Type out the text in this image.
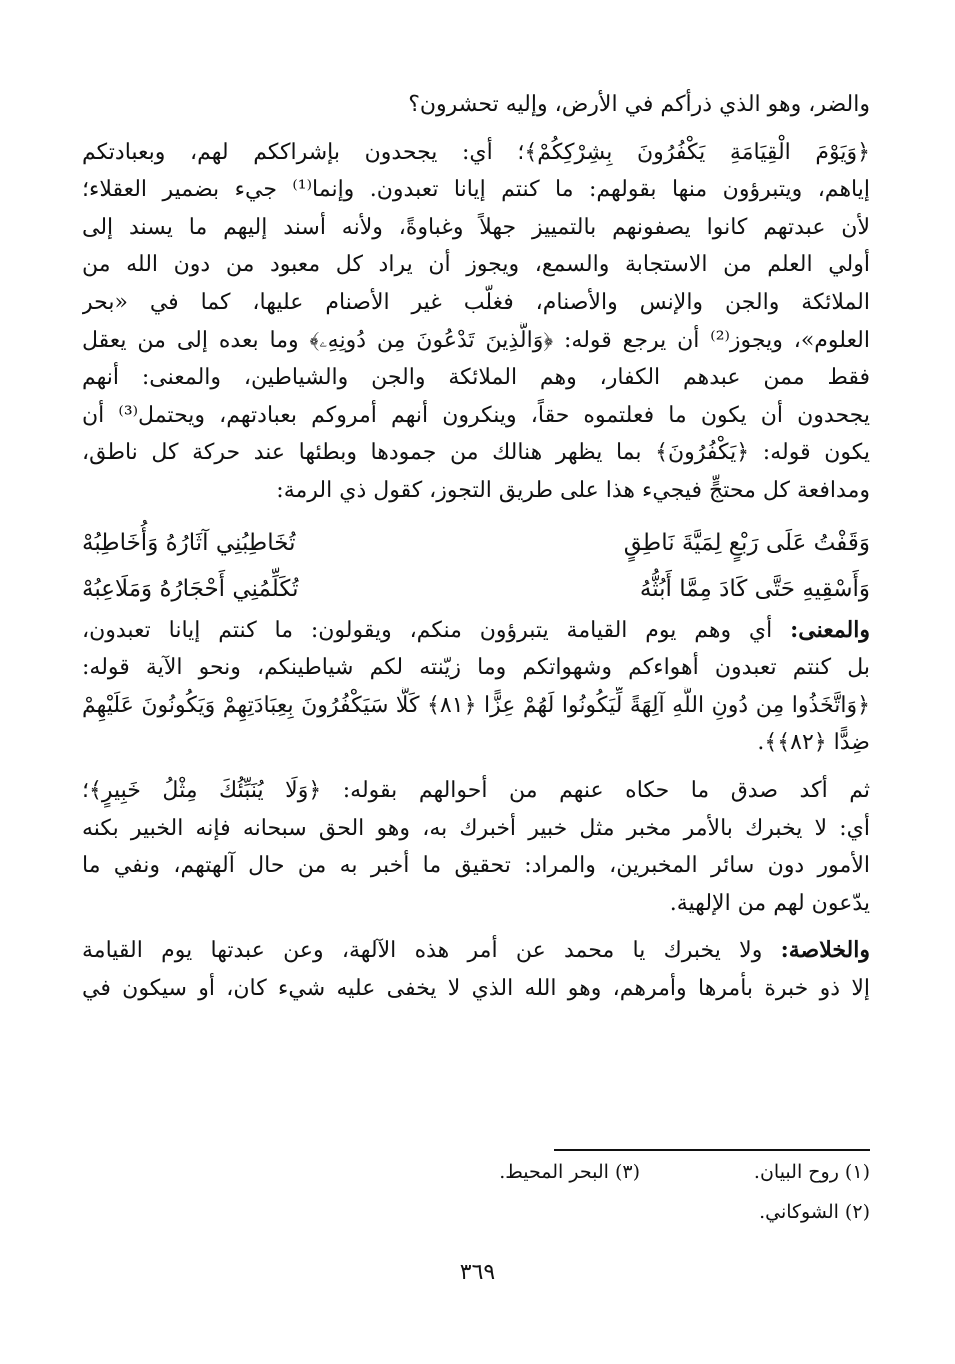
والضر، وهو الذي ذرأكم في الأرض، وإليه تحشرون؟
﴿وَيَوْمَ الْقِيَامَةِ يَكْفُرُونَ بِشِرْكِكُمْ﴾؛ أي: يجحدون بإشراككم لهم، وبعبادتكم
إياهم، ويتبرؤون منها بقولهم: ما كنتم إيانا تعبدون. وإنما⁽¹⁾ جيء بضمير العقلاء؛
لأن عبدتهم كانوا يصفونهم بالتمييز جهلاً وغباوةً، ولأنه أسند إليهم ما يسند إلى
أولي العلم من الاستجابة والسمع، ويجوز أن يراد كل معبود من دون الله من
الملائكة والجن والإنس والأصنام، فغلّب غير الأصنام عليها، كما في «بحر
العلوم»، ويجوز⁽²⁾ أن يرجع قوله: ﴿وَالَّذِينَ تَدْعُونَ مِن دُونِهِۦ﴾ وما بعده إلى من يعقل
فقط ممن عبدهم الكفار، وهم الملائكة والجن والشياطين، والمعنى: أنهم
يجحدون أن يكون ما فعلتموه حقاً، وينكرون أنهم أمروكم بعبادتهم، ويحتمل⁽³⁾ أن
يكون قوله: ﴿يَكْفُرُونَ﴾ بما يظهر هنالك من جمودها وبطئها عند حركة كل ناطق،
ومدافعة كل محتجٍّ فيجيء هذا على طريق التجوز، كقول ذي الرمة:
وَقَفْتُ عَلَى رَبْعٍ لِمَيَّةَ نَاطِقٍ
تُخَاطِبُنِي آثَارُهُ وَأُخَاطِبُهْ
وَأَسْقِيهِ حَتَّى كَادَ مِمَّا أَبُثُّهُ
تُكَلِّمُنِي أَحْجَارُهُ وَمَلَاعِبُهْ
والمعنى: أي وهم يوم القيامة يتبرؤون منكم، ويقولون: ما كنتم إيانا تعبدون،
بل كنتم تعبدون أهواءكم وشهواتكم وما زيّنته لكم شياطينكم، ونحو الآية قوله:
﴿وَاتَّخَذُوا مِن دُونِ اللَّهِ آلِهَةً لِّيَكُونُوا لَهُمْ عِزًّا ﴿٨١﴾ كَلَّا سَيَكْفُرُونَ بِعِبَادَتِهِمْ وَيَكُونُونَ عَلَيْهِمْ
ضِدًّا ﴿٨٢﴾﴾.
ثم أكد صدق ما حكاه عنهم من أحوالهم بقوله: ﴿وَلَا يُنَبِّئُكَ مِثْلُ خَبِيرٍ﴾؛
أي: لا يخبرك بالأمر مخبر مثل خبير أخبرك به، وهو الحق سبحانه فإنه الخبير بكنه
الأمور دون سائر المخبرين، والمراد: تحقيق ما أخبر به من حال آلهتهم، ونفي ما
يدّعون لهم من الإلهية.
والخلاصة: ولا يخبرك يا محمد عن أمر هذه الآلهة، وعن عبدتها يوم القيامة
إلا ذو خبرة بأمرها وأمرهم، وهو الله الذي لا يخفى عليه شيء كان، أو سيكون في
(١) روح البيان.
(٣) البحر المحيط.
(٢) الشوكاني.
٣٦٩
